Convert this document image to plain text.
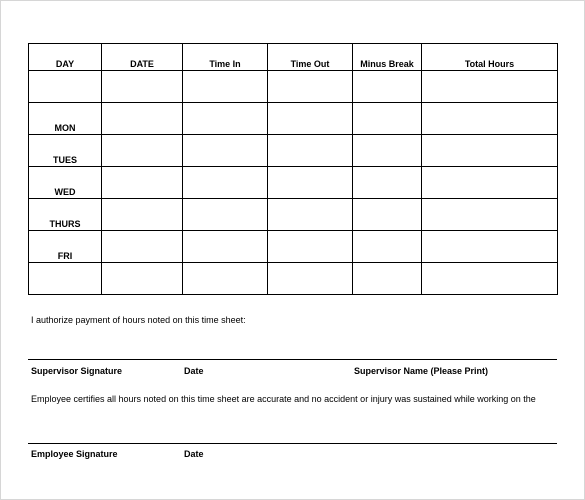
DAY	DATE	Time In	Time Out	Minus Break	Total Hours

MON					
TUES					
WED					
THURS					
FRI					

I authorize payment of hours noted on this time sheet:
Supervisor Signature	Date	Supervisor Name (Please Print)
Employee certifies all hours noted on this time sheet are accurate and no accident or injury was sustained while working on the
Employee Signature	Date
